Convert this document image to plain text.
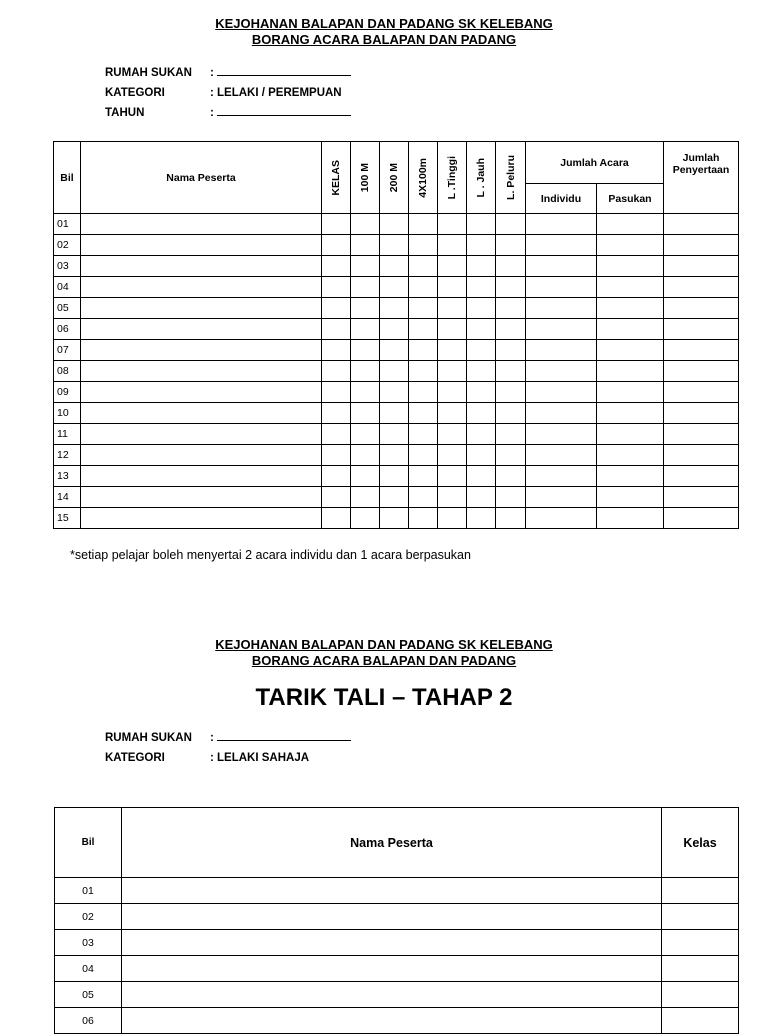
KEJOHANAN BALAPAN DAN PADANG SK KELEBANG
BORANG ACARA BALAPAN DAN PADANG
RUMAH SUKAN :
KATEGORI	: LELAKI / PEREMPUAN
TAHUN	:
Bil	Nama Peserta	KELAS	100 M	200 M	4X100m	L .Tinggi	L . Jauh	L. Peluru	Jumlah Acara		Jumlah Penyertaan
									Individu	Pasukan	
01											
02											
03											
04											
05											
06											
07											
08											
09											
10											
11											
12											
13											
14											
15											
*setiap pelajar boleh menyertai 2 acara individu dan 1 acara berpasukan
KEJOHANAN BALAPAN DAN PADANG SK KELEBANG
BORANG ACARA BALAPAN DAN PADANG
TARIK TALI – TAHAP 2
RUMAH SUKAN :
KATEGORI	: LELAKI SAHAJA
Bil	Nama Peserta	Kelas
01		
02		
03		
04		
05		
06		
